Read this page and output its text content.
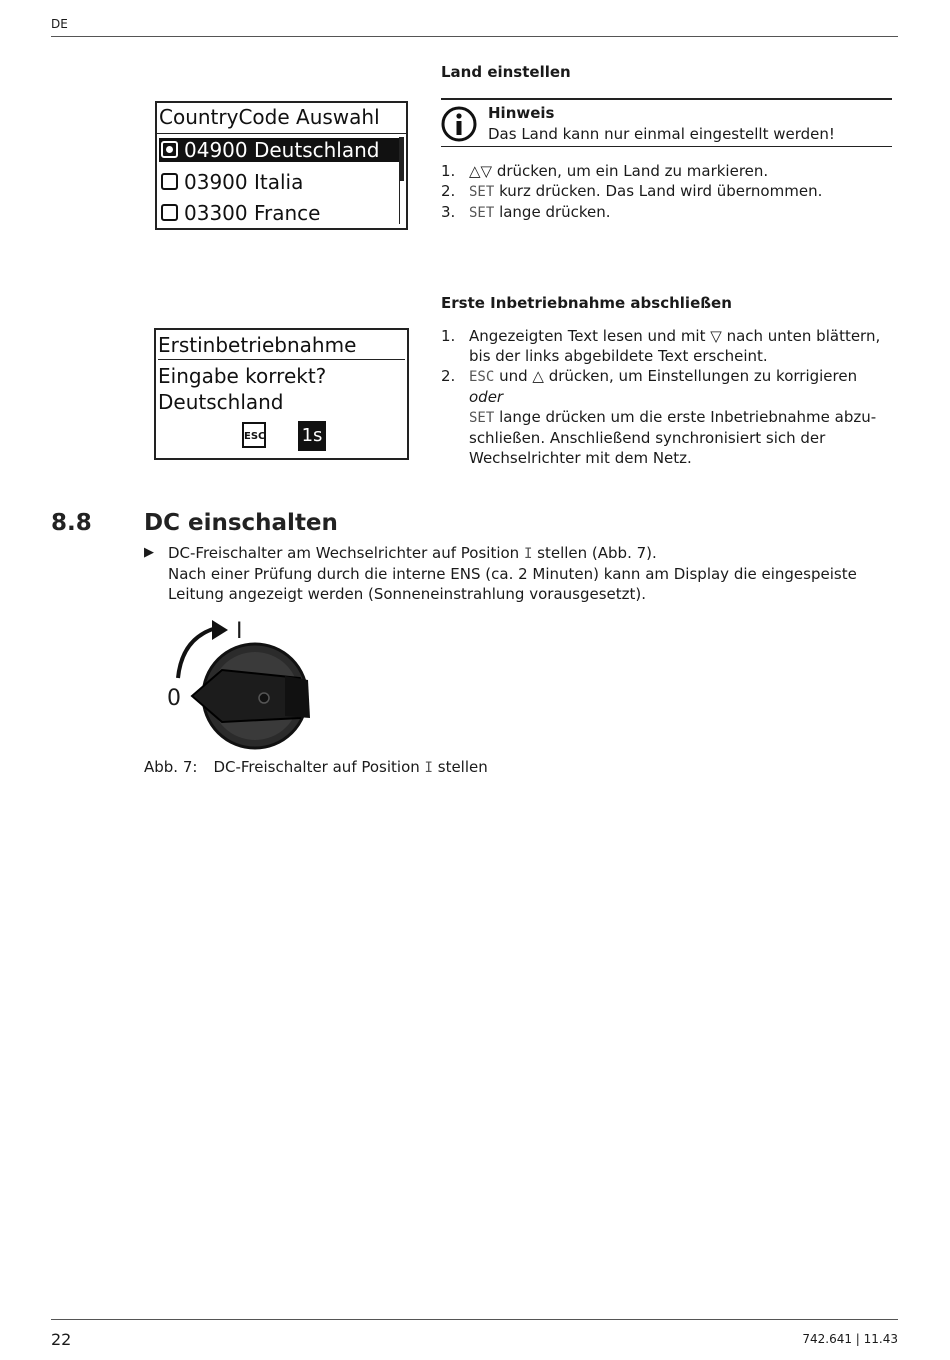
DE
Land einstellen
CountryCode Auswahl
04900 Deutschland
03900 Italia
03300 France
Hinweis
Das Land kann nur einmal eingestellt werden!
1. △▽ drücken, um ein Land zu markieren.
2. SET kurz drücken. Das Land wird übernommen.
3. SET lange drücken.
Erste Inbetriebnahme abschließen
Erstinbetriebnahme
Eingabe korrekt?
Deutschland
ESC 1s
1. Angezeigten Text lesen und mit ▽ nach unten blättern, bis der links abgebildete Text erscheint.
2. ESC und △ drücken, um Einstellungen zu korrigieren
oder
SET lange drücken um die erste Inbetriebnahme abzuschließen. Anschließend synchronisiert sich der Wechselrichter mit dem Netz.
8.8 DC einschalten
▶ DC-Freischalter am Wechselrichter auf Position I stellen (Abb. 7).
Nach einer Prüfung durch die interne ENS (ca. 2 Minuten) kann am Display die eingespeiste Leitung angezeigt werden (Sonneneinstrahlung vorausgesetzt).
I
0
Abb. 7: DC-Freischalter auf Position I stellen
22	742.641 | 11.43
